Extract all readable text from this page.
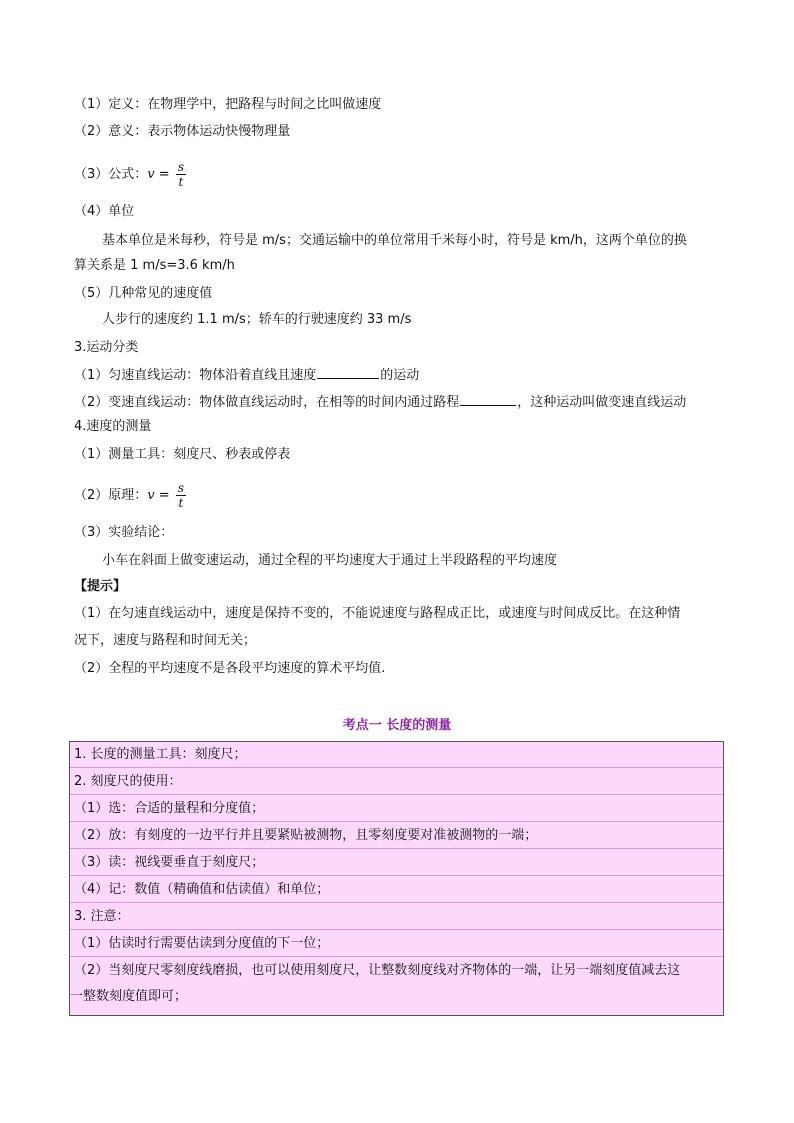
（1）定义：在物理学中，把路程与时间之比叫做速度
（2）意义：表示物体运动快慢物理量
（3）公式：$v = \frac{s}{t}$
（4）单位
基本单位是米每秒，符号是 m/s；交通运输中的单位常用千米每小时，符号是 km/h，这两个单位的换
算关系是 1 m/s=3.6 km/h
（5）几种常见的速度值
人步行的速度约 1.1 m/s；轿车的行驶速度约 33 m/s
3.运动分类
（1）匀速直线运动：物体沿着直线且速度	的运动
（2）变速直线运动：物体做直线运动时，在相等的时间内通过路程	，这种运动叫做变速直线运动
4.速度的测量
（1）测量工具：刻度尺、秒表或停表
（2）原理：$v = \frac{s}{t}$
（3）实验结论：
小车在斜面上做变速运动，通过全程的平均速度大于通过上半段路程的平均速度
【提示】
（1）在匀速直线运动中，速度是保持不变的，不能说速度与路程成正比，或速度与时间成反比。在这种情
况下，速度与路程和时间无关；
（2）全程的平均速度不是各段平均速度的算术平均值.
考点一 长度的测量
1. 长度的测量工具：刻度尺；
2. 刻度尺的使用：
（1）选：合适的量程和分度值；
（2）放：有刻度的一边平行并且要紧贴被测物，且零刻度要对准被测物的一端；
（3）读：视线要垂直于刻度尺；
（4）记：数值（精确值和估读值）和单位；
3. 注意：
（1）估读时行需要估读到分度值的下一位；
（2）当刻度尺零刻度线磨损，也可以使用刻度尺，让整数刻度线对齐物体的一端，让另一端刻度值减去这
一整数刻度值即可；
